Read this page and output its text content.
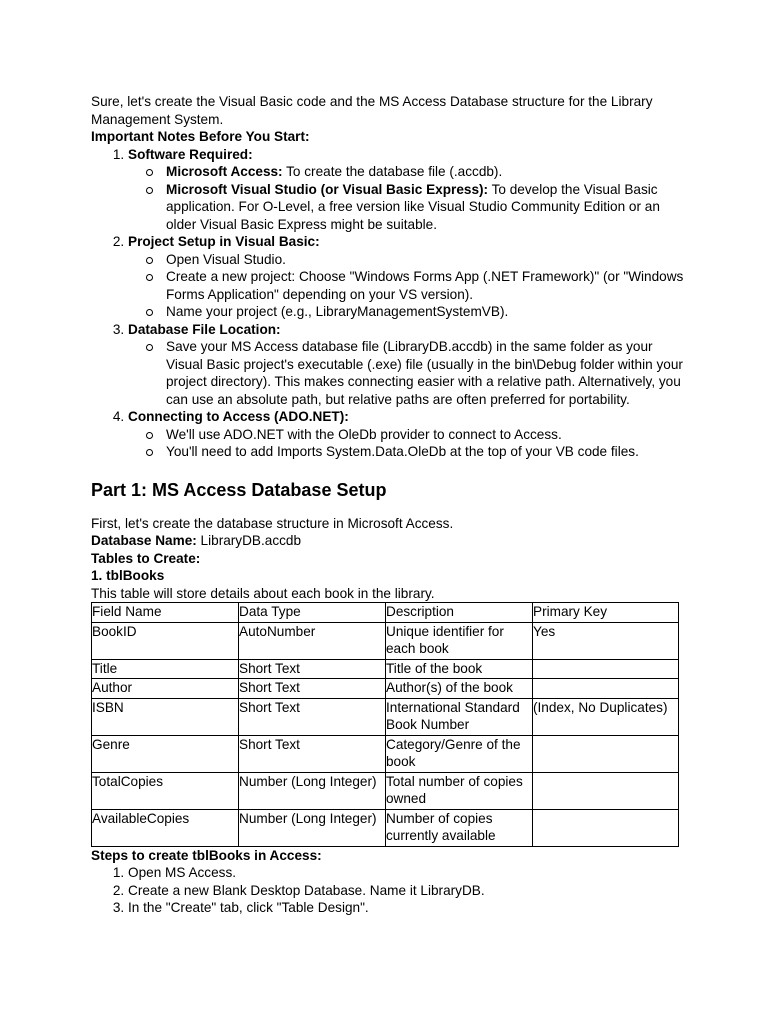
Sure, let's create the Visual Basic code and the MS Access Database structure for the Library Management System.

Important Notes Before You Start:

1. Software Required:
Microsoft Access: To create the database file (.accdb).
Microsoft Visual Studio (or Visual Basic Express): To develop the Visual Basic application. For O-Level, a free version like Visual Studio Community Edition or an older Visual Basic Express might be suitable.
2. Project Setup in Visual Basic:
Open Visual Studio.
Create a new project: Choose "Windows Forms App (.NET Framework)" (or "Windows Forms Application" depending on your VS version).
Name your project (e.g., LibraryManagementSystemVB).
3. Database File Location:
Save your MS Access database file (LibraryDB.accdb) in the same folder as your Visual Basic project's executable (.exe) file (usually in the bin\Debug folder within your project directory). This makes connecting easier with a relative path. Alternatively, you can use an absolute path, but relative paths are often preferred for portability.
4. Connecting to Access (ADO.NET):
We'll use ADO.NET with the OleDb provider to connect to Access.
You'll need to add Imports System.Data.OleDb at the top of your VB code files.
Part 1: MS Access Database Setup

First, let's create the database structure in Microsoft Access.

Database Name: LibraryDB.accdb

Tables to Create:

1. tblBooks

This table will store details about each book in the library.

Field Name	Data Type	Description	Primary Key
BookID	AutoNumber	Unique identifier for each book	Yes
Title	Short Text	Title of the book	
Author	Short Text	Author(s) of the book	
ISBN	Short Text	International Standard Book Number	(Index, No Duplicates)
Genre	Short Text	Category/Genre of the book	
TotalCopies	Number (Long Integer)	Total number of copies owned	
AvailableCopies	Number (Long Integer)	Number of copies currently available	

Steps to create tblBooks in Access:

1. Open MS Access.
2. Create a new Blank Desktop Database. Name it LibraryDB.
3. In the "Create" tab, click "Table Design".
